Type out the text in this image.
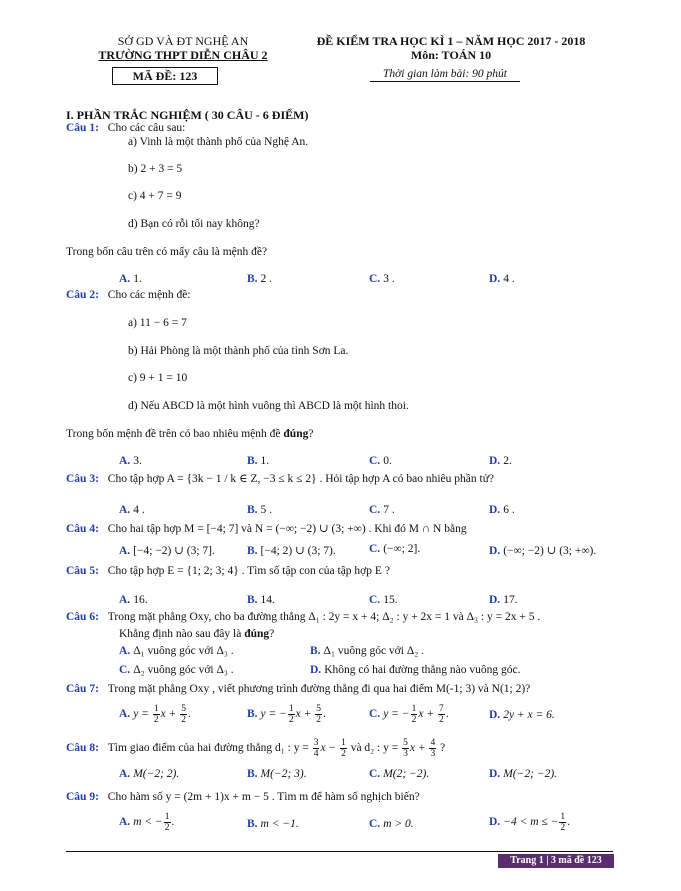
SỞ GD VÀ ĐT NGHỆ AN
TRƯỜNG THPT DIỄN CHÂU 2
MÃ ĐỀ: 123
ĐỀ KIỂM TRA HỌC KÌ 1 – NĂM HỌC 2017 - 2018
Môn: TOÁN 10
Thời gian làm bài: 90 phút
I. PHẦN TRẮC NGHIỆM ( 30 CÂU - 6 ĐIỂM)
Câu 1: Cho các câu sau:
a) Vinh là một thành phố của Nghệ An.
b) 2 + 3 = 5
c) 4 + 7 = 9
d) Bạn có rỗi tối nay không?
Trong bốn câu trên có mấy câu là mệnh đề?
A. 1.	B. 2 .	C. 3 .	D. 4 .
Câu 2: Cho các mệnh đề:
a) 11 − 6 = 7
b) Hải Phòng là một thành phố của tỉnh Sơn La.
c) 9 + 1 = 10
d) Nếu ABCD là một hình vuông thì ABCD là một hình thoi.
Trong bốn mệnh đề trên có bao nhiêu mệnh đề đúng?
A. 3.	B. 1.	C. 0.	D. 2.
Câu 3: Cho tập hợp A = {3k − 1 / k ∈ Z, −3 ≤ k ≤ 2} . Hỏi tập hợp A có bao nhiêu phần tử?
A. 4 .	B. 5 .	C. 7 .	D. 6 .
Câu 4: Cho hai tập hợp M = [−4; 7] và N = (−∞; −2) ∪ (3; +∞) . Khi đó M ∩ N bằng
A. [−4; −2) ∪ (3; 7].	B. [−4; 2) ∪ (3; 7).	C. (−∞; 2].	D. (−∞; −2) ∪ (3; +∞).
Câu 5: Cho tập hợp E = {1; 2; 3; 4} . Tìm số tập con của tập hợp E ?
A. 16.	B. 14.	C. 15.	D. 17.
Câu 6: Trong mặt phẳng Oxy, cho ba đường thẳng Δ₁ : 2y = x + 4; Δ₂ : y + 2x = 1 và Δ₃ : y = 2x + 5 .
Khẳng định nào sau đây là đúng?
A. Δ₁ vuông góc với Δ₃ .	B. Δ₁ vuông góc với Δ₂ .
C. Δ₂ vuông góc với Δ₃ .	D. Không có hai đường thẳng nào vuông góc.
Câu 7: Trong mặt phẳng Oxy , viết phương trình đường thẳng đi qua hai điểm M(-1; 3) và N(1; 2)?
A. $y = \frac{1}{2}$ $x + \frac{5}{2}$ .	B. y = − $\frac{1}{2}$ $x + \frac{5}{2}$ .	C. y = − $\frac{1}{2}$ $x + \frac{7}{2}$ .	D. 2y + x = 6.
Câu 8: Tìm giao điểm của hai đường thẳng d₁ : $y = \frac{3}{4}$ $x - \frac{1}{2}$ và d₂ : $y = \frac{5}{3}$ $x + \frac{4}{3}$ ?
A. M(−2; 2).	B. M(−2; 3).	C. M(2; −2).	D. M(−2; −2).
Câu 9: Cho hàm số y = (2m + 1)x + m − 5 . Tìm m để hàm số nghịch biến?
A. m < − $\frac{1}{2}$ .	B. m < −1.	C. m > 0.	D. −4 < m ≤ − $\frac{1}{2}$ .
Trang 1 | 3 mã đề 123
